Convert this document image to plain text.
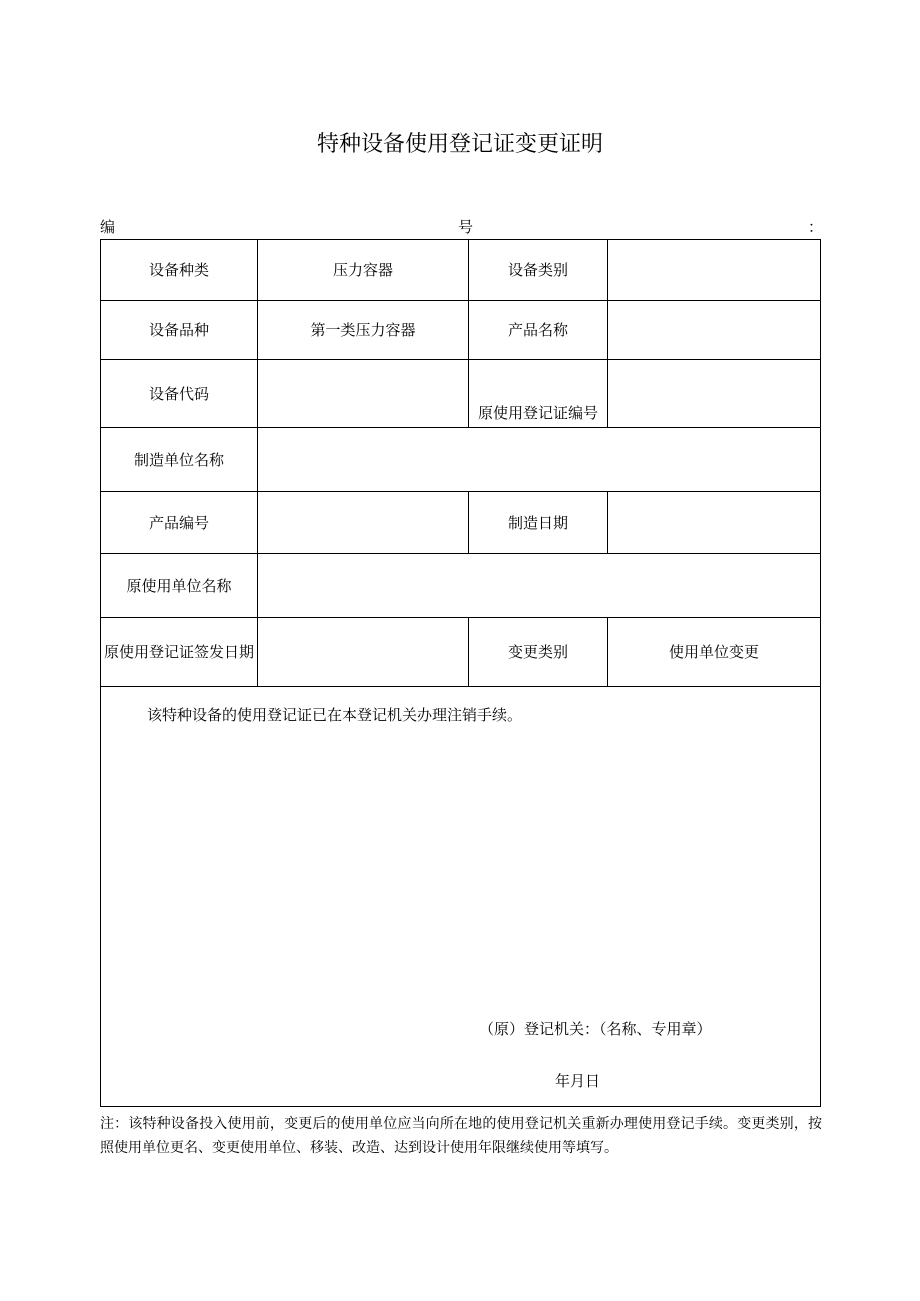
特种设备使用登记证变更证明
编	号	：
设备种类	压力容器	设备类别	
设备品种	第一类压力容器	产品名称	
设备代码		原使用登记证编号	
制造单位名称			
产品编号		制造日期	
原使用单位名称			
原使用登记证签发日期		变更类别	使用单位变更

该特种设备的使用登记证已在本登记机关办理注销手续。
（原）登记机关：（名称、专用章）
年月日			
注：该特种设备投入使用前，变更后的使用单位应当向所在地的使用登记机关重新办理使用登记手续。变更类别，按照使用单位更名、变更使用单位、移装、改造、达到设计使用年限继续使用等填写。
